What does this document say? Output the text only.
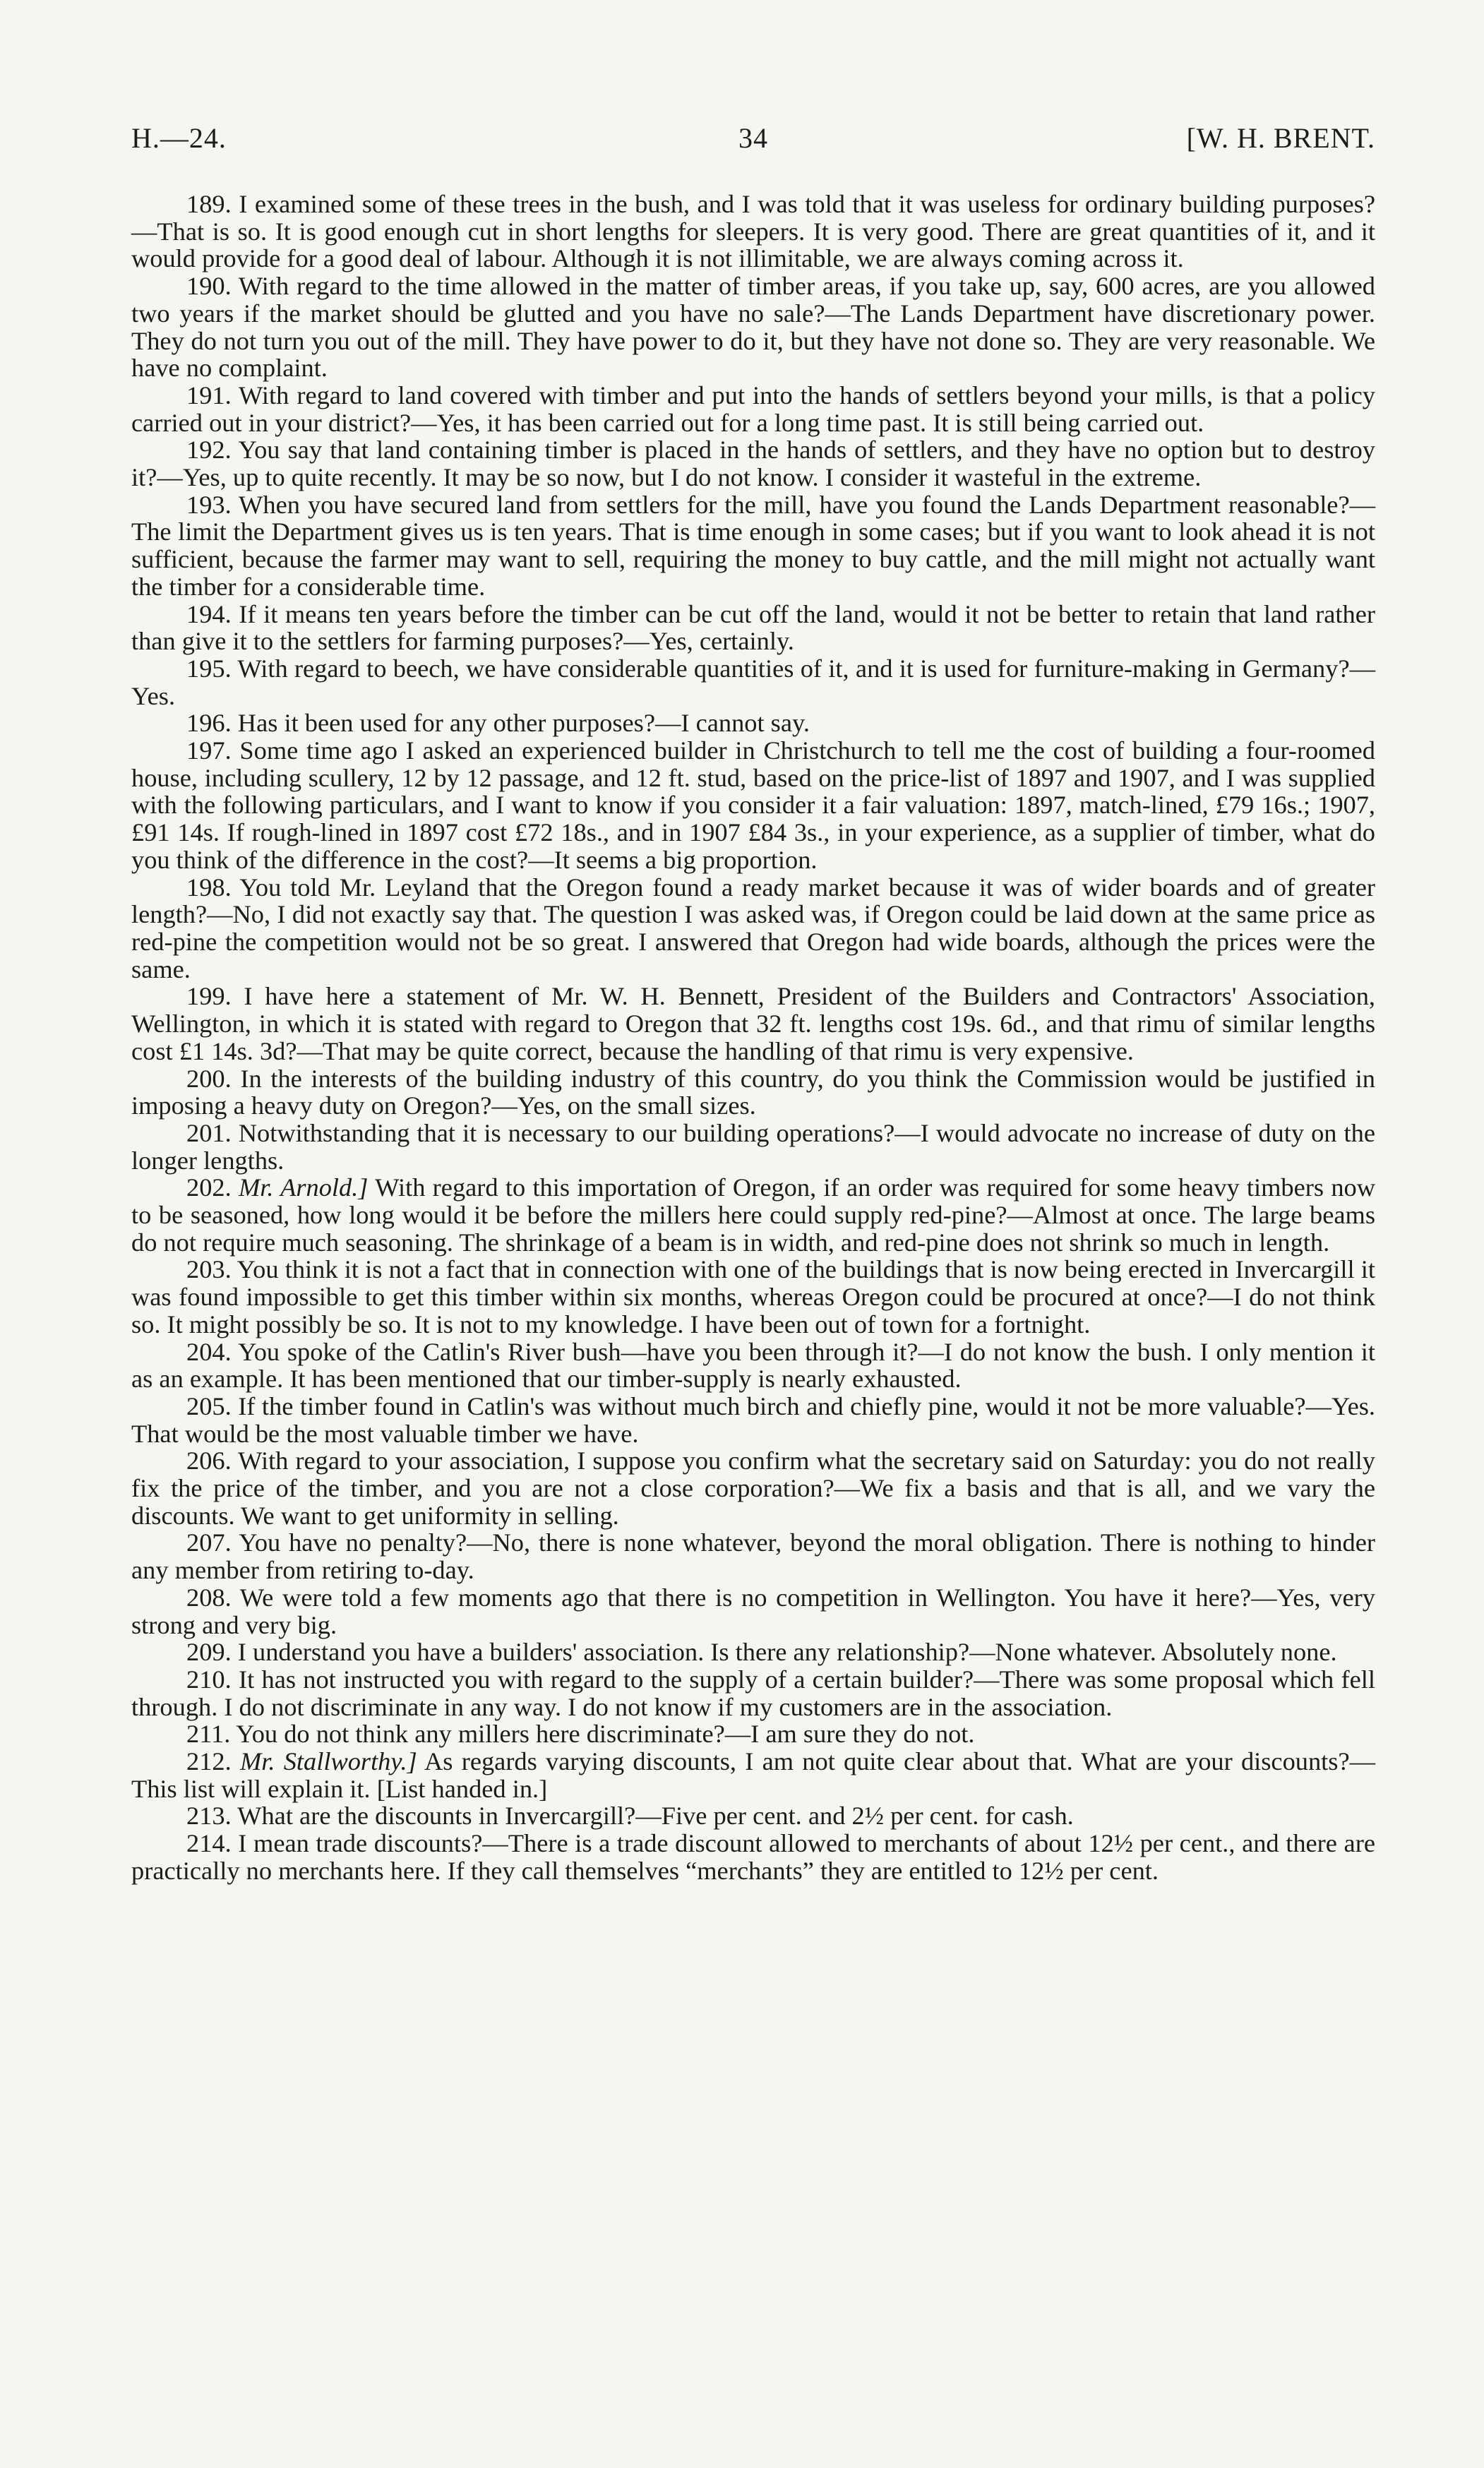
H.—24.	34	[W. H. BRENT.

189. I examined some of these trees in the bush, and I was told that it was useless for ordinary building purposes?—That is so. It is good enough cut in short lengths for sleepers. It is very good. There are great quantities of it, and it would provide for a good deal of labour. Although it is not illimitable, we are always coming across it.

190. With regard to the time allowed in the matter of timber areas, if you take up, say, 600 acres, are you allowed two years if the market should be glutted and you have no sale?—The Lands Department have discretionary power. They do not turn you out of the mill. They have power to do it, but they have not done so. They are very reasonable. We have no complaint.

191. With regard to land covered with timber and put into the hands of settlers beyond your mills, is that a policy carried out in your district?—Yes, it has been carried out for a long time past. It is still being carried out.

192. You say that land containing timber is placed in the hands of settlers, and they have no option but to destroy it?—Yes, up to quite recently. It may be so now, but I do not know. I consider it wasteful in the extreme.

193. When you have secured land from settlers for the mill, have you found the Lands Department reasonable?—The limit the Department gives us is ten years. That is time enough in some cases; but if you want to look ahead it is not sufficient, because the farmer may want to sell, requiring the money to buy cattle, and the mill might not actually want the timber for a considerable time.

194. If it means ten years before the timber can be cut off the land, would it not be better to retain that land rather than give it to the settlers for farming purposes?—Yes, certainly.

195. With regard to beech, we have considerable quantities of it, and it is used for furniture-making in Germany?—Yes.

196. Has it been used for any other purposes?—I cannot say.

197. Some time ago I asked an experienced builder in Christchurch to tell me the cost of building a four-roomed house, including scullery, 12 by 12 passage, and 12 ft. stud, based on the price-list of 1897 and 1907, and I was supplied with the following particulars, and I want to know if you consider it a fair valuation: 1897, match-lined, £79 16s.; 1907, £91 14s. If rough-lined in 1897 cost £72 18s., and in 1907 £84 3s., in your experience, as a supplier of timber, what do you think of the difference in the cost?—It seems a big proportion.

198. You told Mr. Leyland that the Oregon found a ready market because it was of wider boards and of greater length?—No, I did not exactly say that. The question I was asked was, if Oregon could be laid down at the same price as red-pine the competition would not be so great. I answered that Oregon had wide boards, although the prices were the same.

199. I have here a statement of Mr. W. H. Bennett, President of the Builders and Contractors' Association, Wellington, in which it is stated with regard to Oregon that 32 ft. lengths cost 19s. 6d., and that rimu of similar lengths cost £1 14s. 3d?—That may be quite correct, because the handling of that rimu is very expensive.

200. In the interests of the building industry of this country, do you think the Commission would be justified in imposing a heavy duty on Oregon?—Yes, on the small sizes.

201. Notwithstanding that it is necessary to our building operations?—I would advocate no increase of duty on the longer lengths.

202. Mr. Arnold.] With regard to this importation of Oregon, if an order was required for some heavy timbers now to be seasoned, how long would it be before the millers here could supply red-pine?—Almost at once. The large beams do not require much seasoning. The shrinkage of a beam is in width, and red-pine does not shrink so much in length.

203. You think it is not a fact that in connection with one of the buildings that is now being erected in Invercargill it was found impossible to get this timber within six months, whereas Oregon could be procured at once?—I do not think so. It might possibly be so. It is not to my knowledge. I have been out of town for a fortnight.

204. You spoke of the Catlin's River bush—have you been through it?—I do not know the bush. I only mention it as an example. It has been mentioned that our timber-supply is nearly exhausted.

205. If the timber found in Catlin's was without much birch and chiefly pine, would it not be more valuable?—Yes. That would be the most valuable timber we have.

206. With regard to your association, I suppose you confirm what the secretary said on Saturday: you do not really fix the price of the timber, and you are not a close corporation?—We fix a basis and that is all, and we vary the discounts. We want to get uniformity in selling.

207. You have no penalty?—No, there is none whatever, beyond the moral obligation. There is nothing to hinder any member from retiring to-day.

208. We were told a few moments ago that there is no competition in Wellington. You have it here?—Yes, very strong and very big.

209. I understand you have a builders' association. Is there any relationship?—None whatever. Absolutely none.

210. It has not instructed you with regard to the supply of a certain builder?—There was some proposal which fell through. I do not discriminate in any way. I do not know if my customers are in the association.

211. You do not think any millers here discriminate?—I am sure they do not.

212. Mr. Stallworthy.] As regards varying discounts, I am not quite clear about that. What are your discounts?—This list will explain it. [List handed in.]

213. What are the discounts in Invercargill?—Five per cent. and 2½ per cent. for cash.

214. I mean trade discounts?—There is a trade discount allowed to merchants of about 12½ per cent., and there are practically no merchants here. If they call themselves “merchants” they are entitled to 12½ per cent.
